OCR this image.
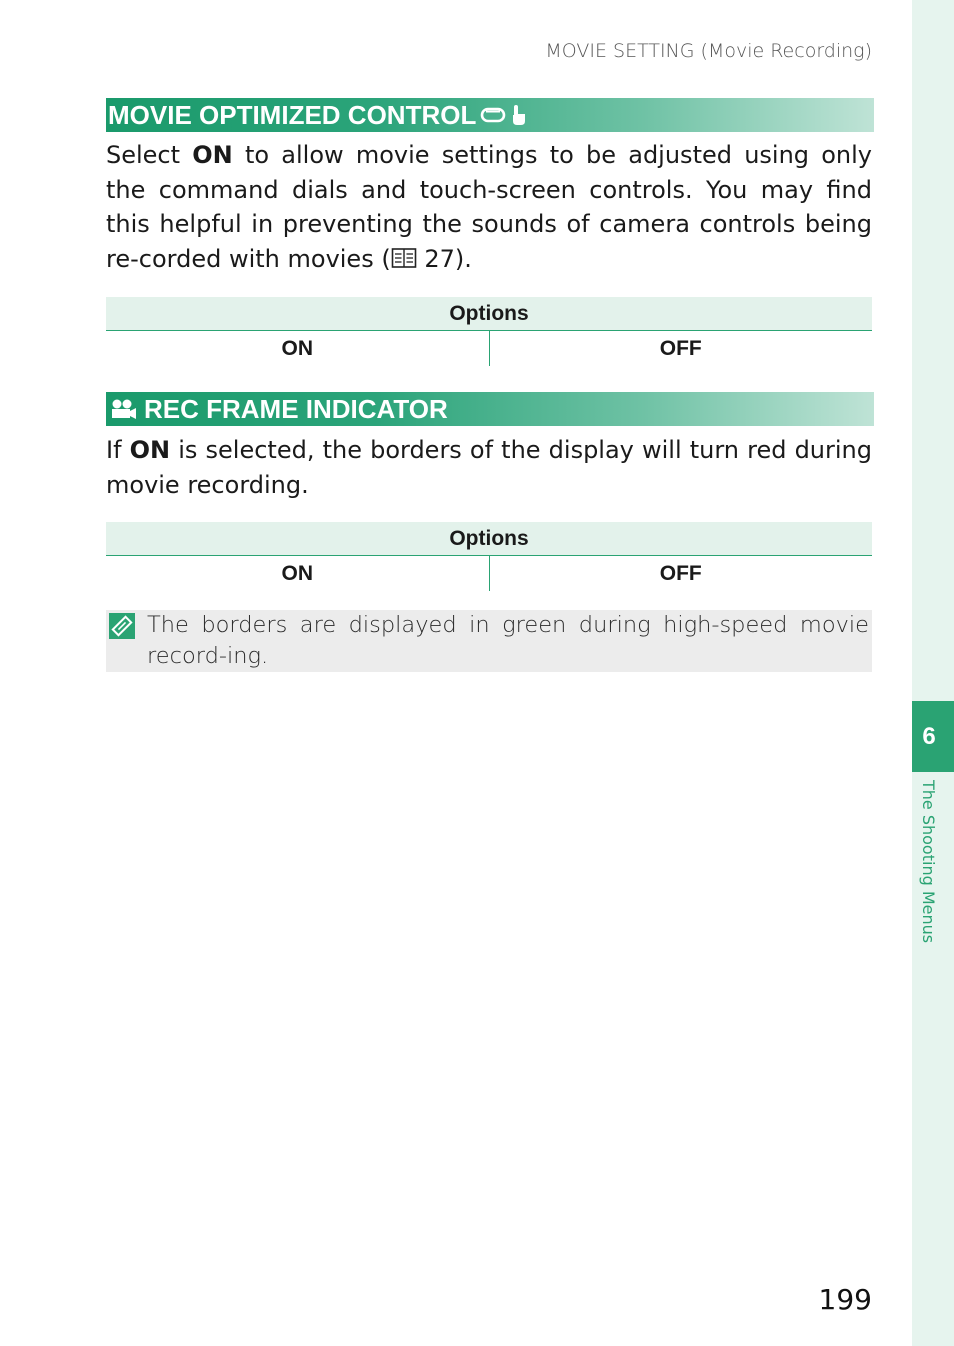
MOVIE SETTING (Movie Recording)
6
The Shooting Menus
MOVIE OPTIMIZED CONTROL
Select ON to allow movie settings to be adjusted using only the command dials and touch-screen controls. You may find this helpful in preventing the sounds of camera controls being re-corded with movies ( 27).
Options
ON	OFF
REC FRAME INDICATOR
If ON is selected, the borders of the display will turn red during movie recording.
Options
ON	OFF
The borders are displayed in green during high-speed movie record-ing.
199
